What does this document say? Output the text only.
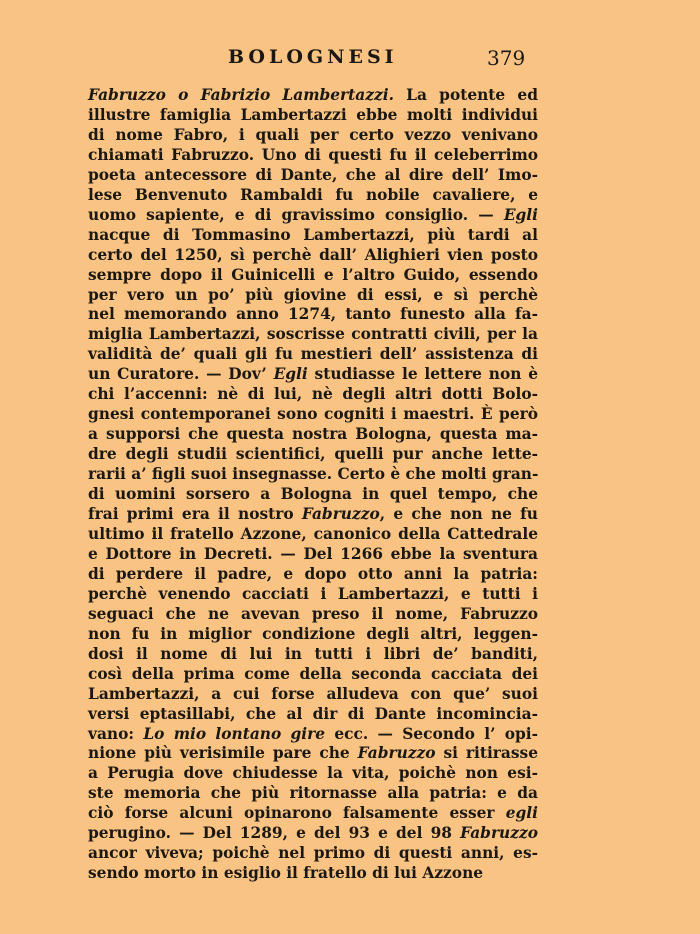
BOLOGNESI	379
Fabruzzo o Fabrizio Lambertazzi. La potente ed
illustre famiglia Lambertazzi ebbe molti individui
di nome Fabro, i quali per certo vezzo venivano
chiamati Fabruzzo. Uno di questi fu il celeberrimo
poeta antecessore di Dante, che al dire dell’ Imo-
lese Benvenuto Rambaldi fu nobile cavaliere, e
uomo sapiente, e di gravissimo consiglio. — Egli
nacque di Tommasino Lambertazzi, più tardi al
certo del 1250, sì perchè dall’ Alighieri vien posto
sempre dopo il Guinicelli e l’altro Guido, essendo
per vero un po’ più giovine di essi, e sì perchè
nel memorando anno 1274, tanto funesto alla fa-
miglia Lambertazzi, soscrisse contratti civili, per la
validità de’ quali gli fu mestieri dell’ assistenza di
un Curatore. — Dov’ Egli studiasse le lettere non è
chi l’accenni: nè di lui, nè degli altri dotti Bolo-
gnesi contemporanei sono cogniti i maestri. È però
a supporsi che questa nostra Bologna, questa ma-
dre degli studii scientifici, quelli pur anche lette-
rarii a’ figli suoi insegnasse. Certo è che molti gran-
di uomini sorsero a Bologna in quel tempo, che
frai primi era il nostro Fabruzzo, e che non ne fu
ultimo il fratello Azzone, canonico della Cattedrale
e Dottore in Decreti. — Del 1266 ebbe la sventura
di perdere il padre, e dopo otto anni la patria:
perchè venendo cacciati i Lambertazzi, e tutti i
seguaci che ne avevan preso il nome, Fabruzzo
non fu in miglior condizione degli altri, leggen-
dosi il nome di lui in tutti i libri de’ banditi,
così della prima come della seconda cacciata dei
Lambertazzi, a cui forse alludeva con que’ suoi
versi eptasillabi, che al dir di Dante incomincia-
vano: Lo mio lontano gire ecc. — Secondo l’ opi-
nione più verisimile pare che Fabruzzo si ritirasse
a Perugia dove chiudesse la vita, poichè non esi-
ste memoria che più ritornasse alla patria: e da
ciò forse alcuni opinarono falsamente esser egli
perugino. — Del 1289, e del 93 e del 98 Fabruzzo
ancor viveva; poichè nel primo di questi anni, es-
sendo morto in esiglio il fratello di lui Azzone
